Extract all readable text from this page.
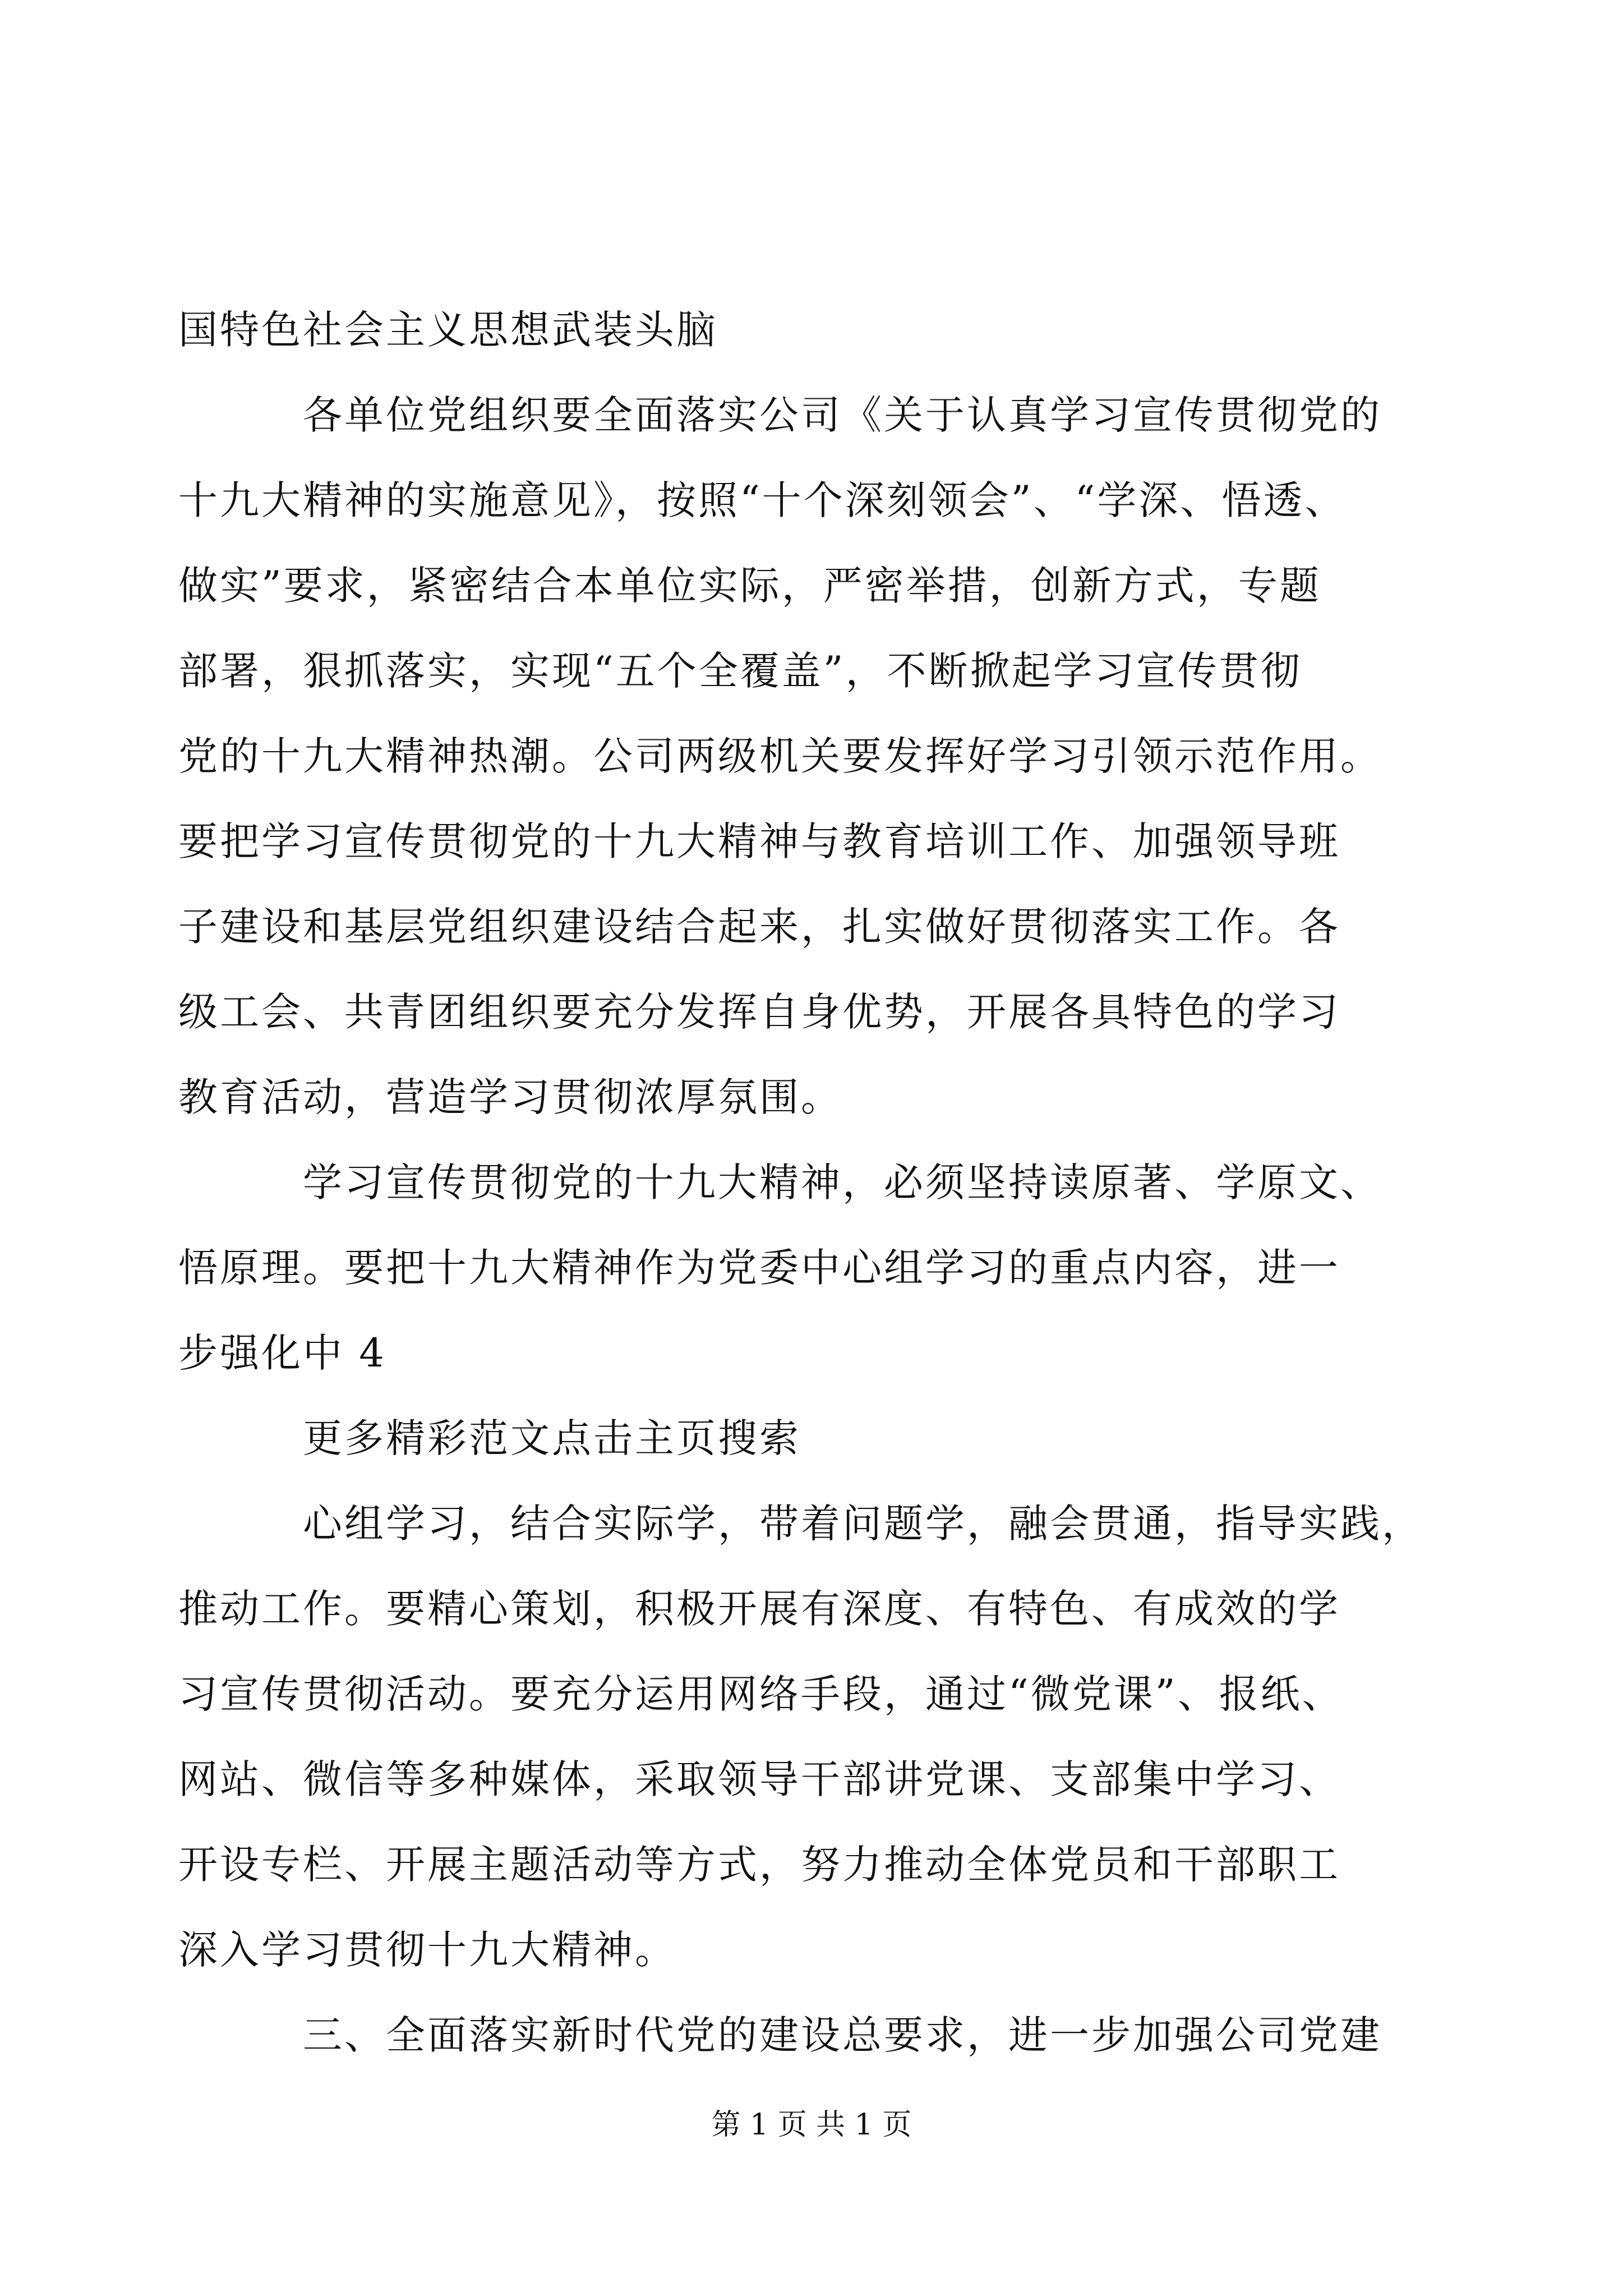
国特色社会主义思想武装头脑
各单位党组织要全面落实公司《关于认真学习宣传贯彻党的
十九大精神的实施意见》，按照“十个深刻领会”、“学深、悟透、
做实”要求，紧密结合本单位实际，严密举措，创新方式，专题
部署，狠抓落实，实现“五个全覆盖”，不断掀起学习宣传贯彻
党的十九大精神热潮。公司两级机关要发挥好学习引领示范作用。
要把学习宣传贯彻党的十九大精神与教育培训工作、加强领导班
子建设和基层党组织建设结合起来，扎实做好贯彻落实工作。各
级工会、共青团组织要充分发挥自身优势，开展各具特色的学习
教育活动，营造学习贯彻浓厚氛围。
学习宣传贯彻党的十九大精神，必须坚持读原著、学原文、
悟原理。要把十九大精神作为党委中心组学习的重点内容，进一
步强化中 4
更多精彩范文点击主页搜索
心组学习，结合实际学，带着问题学，融会贯通，指导实践，
推动工作。要精心策划，积极开展有深度、有特色、有成效的学
习宣传贯彻活动。要充分运用网络手段，通过“微党课”、报纸、
网站、微信等多种媒体，采取领导干部讲党课、支部集中学习、
开设专栏、开展主题活动等方式，努力推动全体党员和干部职工
深入学习贯彻十九大精神。
三、全面落实新时代党的建设总要求，进一步加强公司党建
第 1 页 共 1 页
